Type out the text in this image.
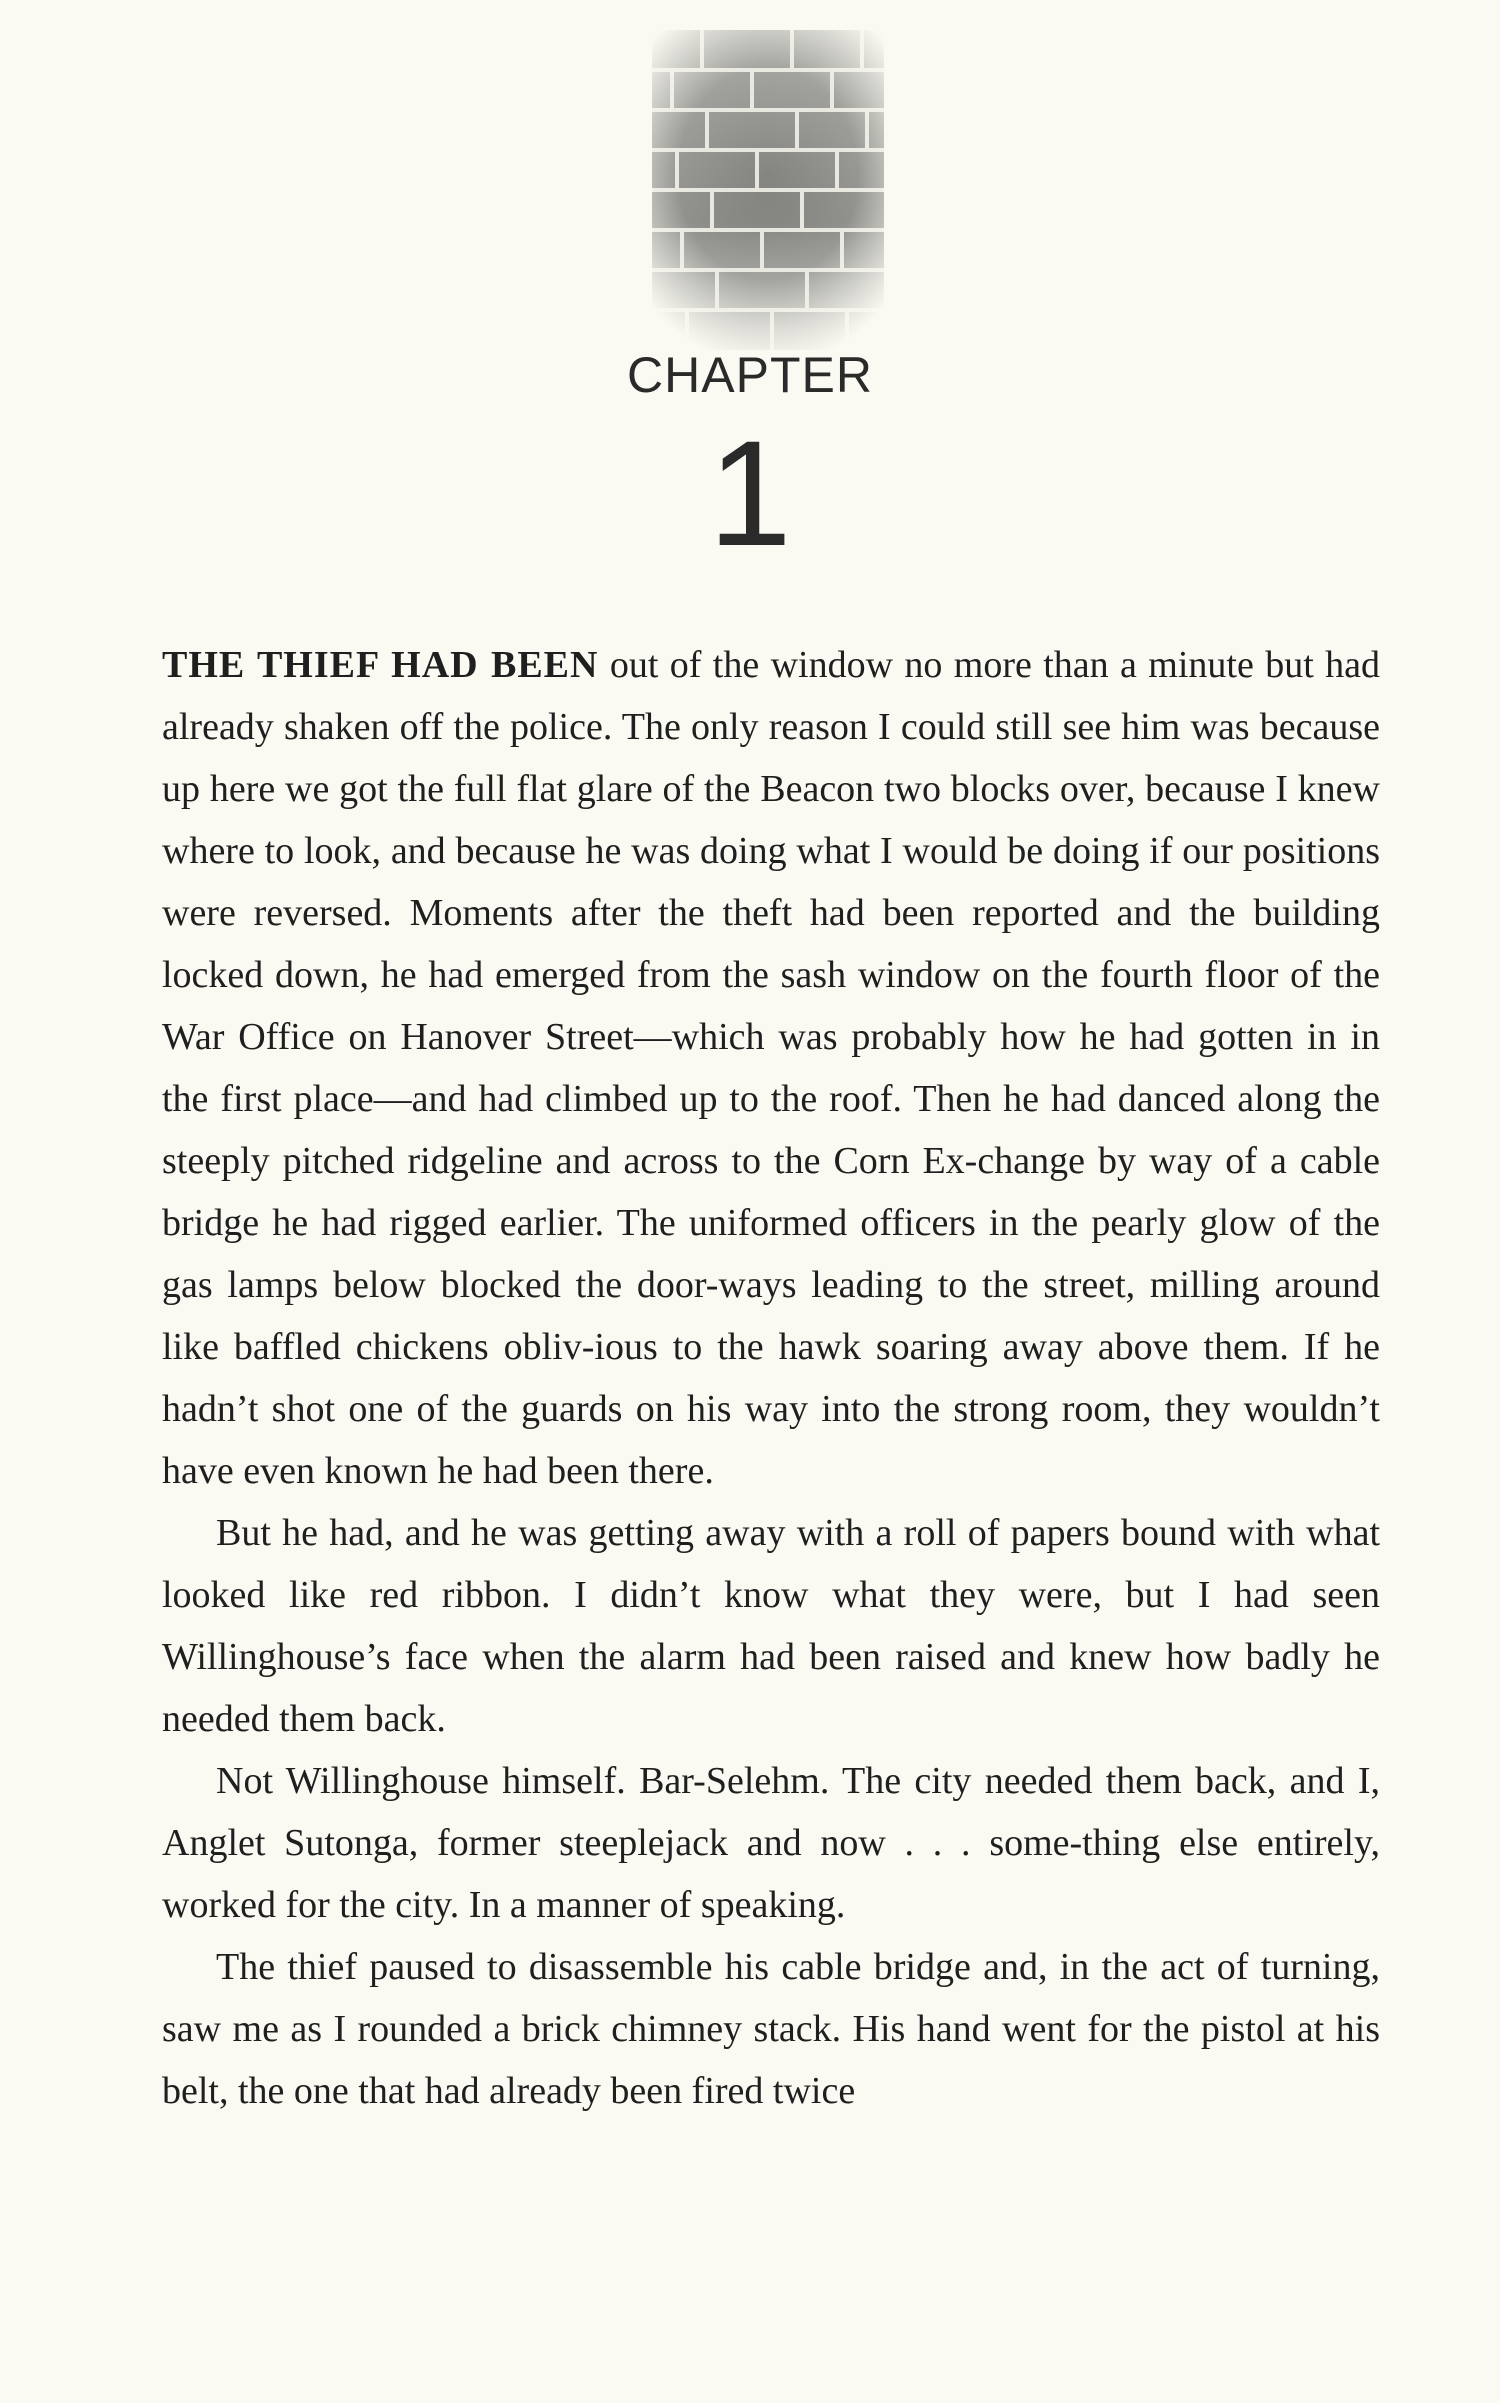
CHAPTER
1

THE THIEF HAD BEEN out of the window no more than a minute but had already shaken off the police. The only reason I could still see him was because up here we got the full flat glare of the Beacon two blocks over, because I knew where to look, and because he was doing what I would be doing if our positions were reversed. Moments after the theft had been reported and the building locked down, he had emerged from the sash window on the fourth floor of the War Office on Hanover Street—which was probably how he had gotten in in the first place—and had climbed up to the roof. Then he had danced along the steeply pitched ridgeline and across to the Corn Ex-change by way of a cable bridge he had rigged earlier. The uniformed officers in the pearly glow of the gas lamps below blocked the door-ways leading to the street, milling around like baffled chickens obliv-ious to the hawk soaring away above them. If he hadn’t shot one of the guards on his way into the strong room, they wouldn’t have even known he had been there.

But he had, and he was getting away with a roll of papers bound with what looked like red ribbon. I didn’t know what they were, but I had seen Willinghouse’s face when the alarm had been raised and knew how badly he needed them back.

Not Willinghouse himself. Bar-Selehm. The city needed them back, and I, Anglet Sutonga, former steeplejack and now . . . some-thing else entirely, worked for the city. In a manner of speaking.

The thief paused to disassemble his cable bridge and, in the act of turning, saw me as I rounded a brick chimney stack. His hand went for the pistol at his belt, the one that had already been fired twice
